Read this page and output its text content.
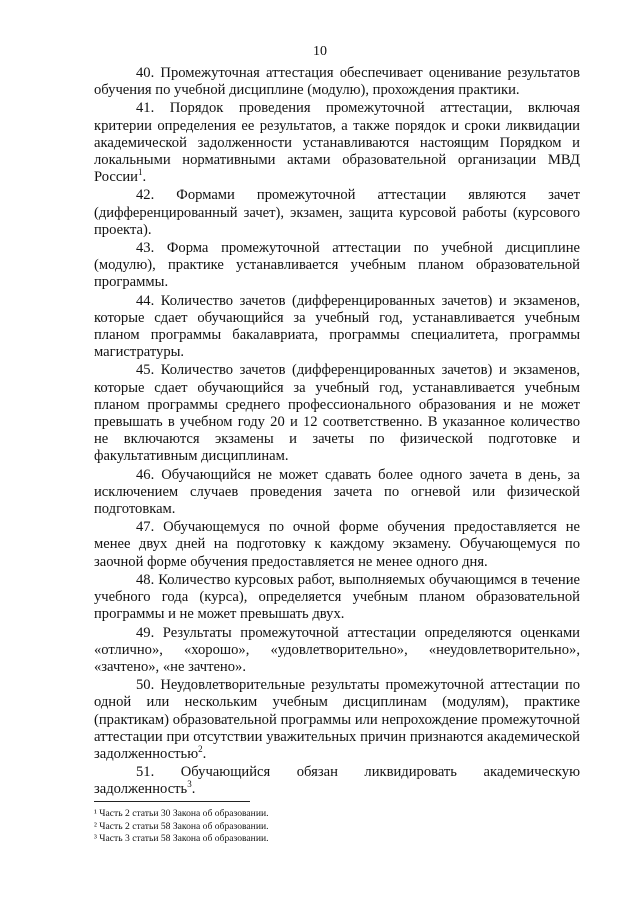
10

40. Промежуточная аттестация обеспечивает оценивание результатов обучения по учебной дисциплине (модулю), прохождения практики.

41. Порядок проведения промежуточной аттестации, включая критерии определения ее результатов, а также порядок и сроки ликвидации академической задолженности устанавливаются настоящим Порядком и локальными нормативными актами образовательной организации МВД России$^1$.

42. Формами промежуточной аттестации являются зачет (дифференцированный зачет), экзамен, защита курсовой работы (курсового проекта).

43. Форма промежуточной аттестации по учебной дисциплине (модулю), практике устанавливается учебным планом образовательной программы.

44. Количество зачетов (дифференцированных зачетов) и экзаменов, которые сдает обучающийся за учебный год, устанавливается учебным планом программы бакалавриата, программы специалитета, программы магистратуры.

45. Количество зачетов (дифференцированных зачетов) и экзаменов, которые сдает обучающийся за учебный год, устанавливается учебным планом программы среднего профессионального образования и не может превышать в учебном году 20 и 12 соответственно. В указанное количество не включаются экзамены и зачеты по физической подготовке и факультативным дисциплинам.

46. Обучающийся не может сдавать более одного зачета в день, за исключением случаев проведения зачета по огневой или физической подготовкам.

47. Обучающемуся по очной форме обучения предоставляется не менее двух дней на подготовку к каждому экзамену. Обучающемуся по заочной форме обучения предоставляется не менее одного дня.

48. Количество курсовых работ, выполняемых обучающимся в течение учебного года (курса), определяется учебным планом образовательной программы и не может превышать двух.

49. Результаты промежуточной аттестации определяются оценками «отлично», «хорошо», «удовлетворительно», «неудовлетворительно», «зачтено», «не зачтено».

50. Неудовлетворительные результаты промежуточной аттестации по одной или нескольким учебным дисциплинам (модулям), практике (практикам) образовательной программы или непрохождение промежуточной аттестации при отсутствии уважительных причин признаются академической задолженностью$^2$.

51. Обучающийся обязан ликвидировать академическую задолженность$^3$.

¹ Часть 2 статьи 30 Закона об образовании.

² Часть 2 статьи 58 Закона об образовании.

³ Часть 3 статьи 58 Закона об образовании.
